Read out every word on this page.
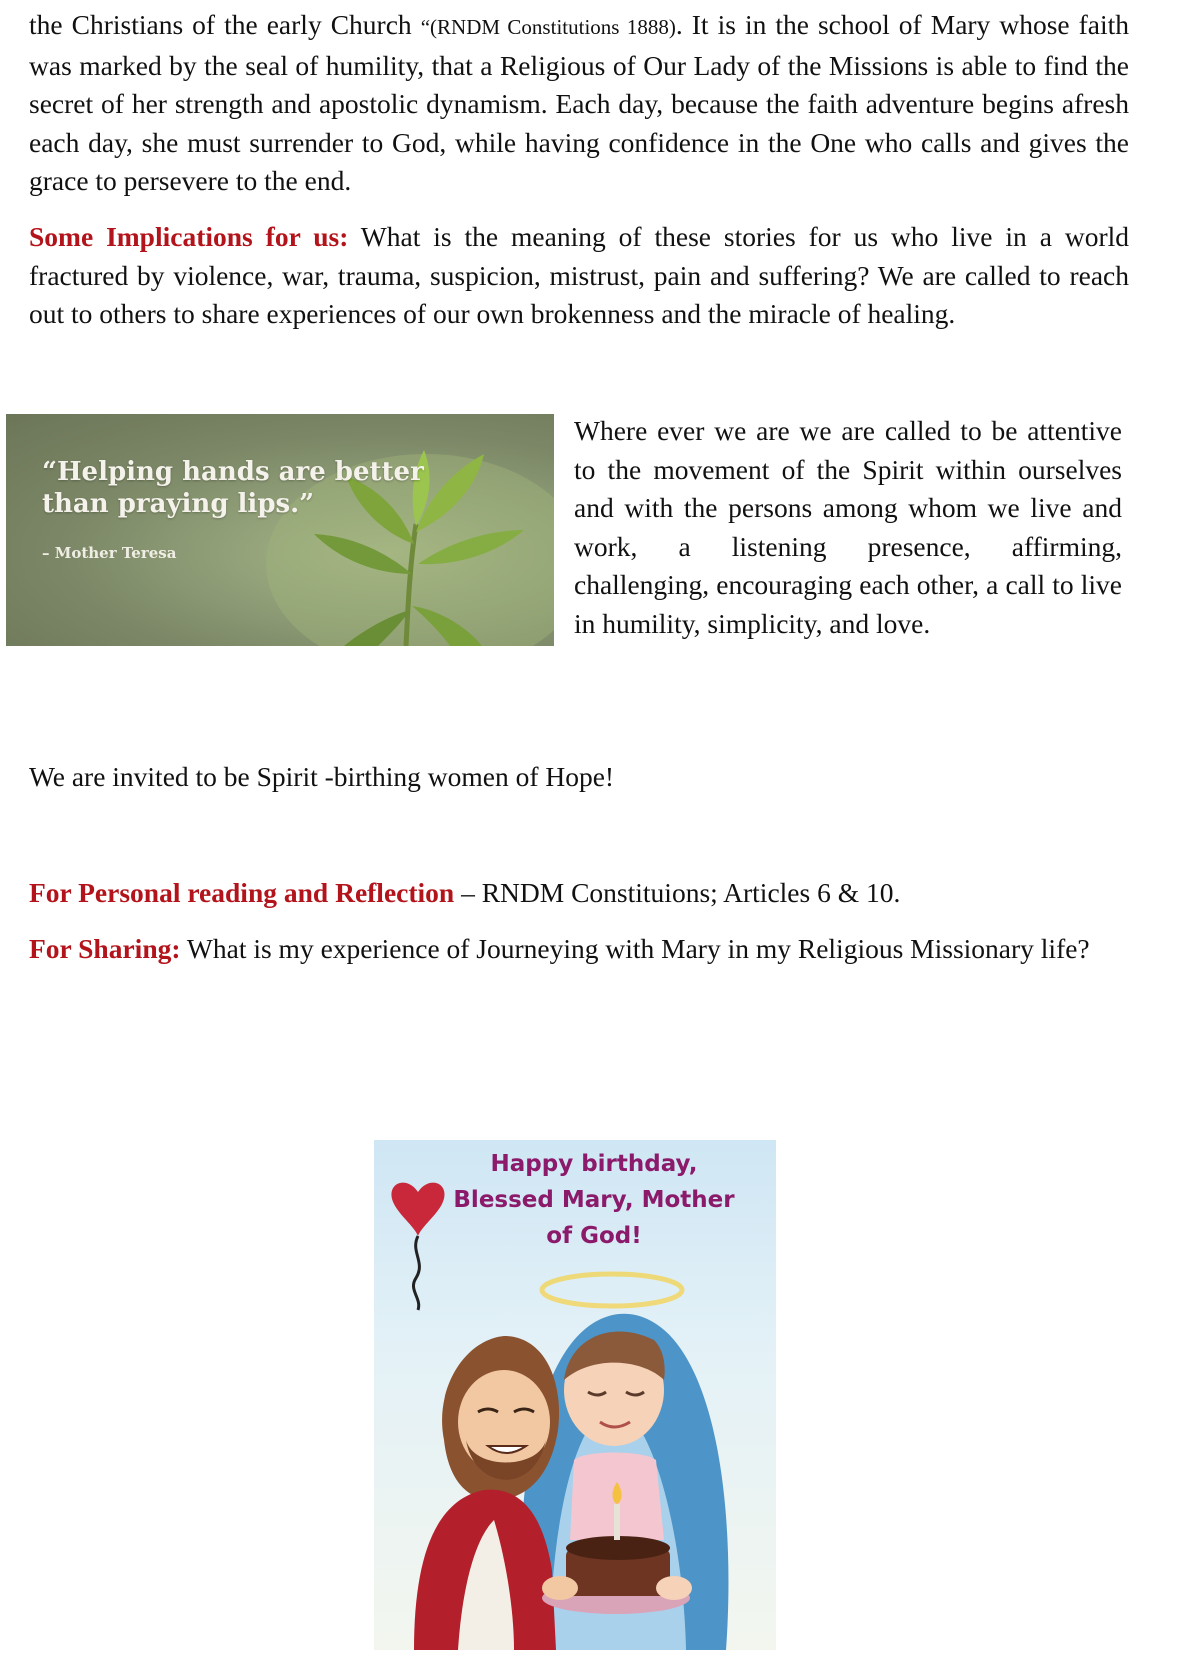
the Christians of the early Church “(RNDM Constitutions 1888). It is in the school of Mary whose faith was marked by the seal of humility, that a Religious of Our Lady of the Missions is able to find the secret of her strength and apostolic dynamism. Each day, because the faith adventure begins afresh each day, she must surrender to God, while having confidence in the One who calls and gives the grace to persevere to the end.

Some Implications for us: What is the meaning of these stories for us who live in a world fractured by violence, war, trauma, suspicion, mistrust, pain and suffering? We are called to reach out to others to share experiences of our own brokenness and the miracle of healing.

“Helping hands are better
than praying lips.”
– Mother Teresa

Where ever we are we are called to be attentive to the movement of the Spirit within ourselves and with the persons among whom we live and work, a listening presence, affirming, challenging, encouraging each other, a call to live in humility, simplicity, and love.

We are invited to be Spirit -birthing women of Hope!

For Personal reading and Reflection – RNDM Constituions; Articles 6 & 10.

For Sharing: What is my experience of Journeying with Mary in my Religious Missionary life?

Happy birthday,
Blessed Mary, Mother
of God!
